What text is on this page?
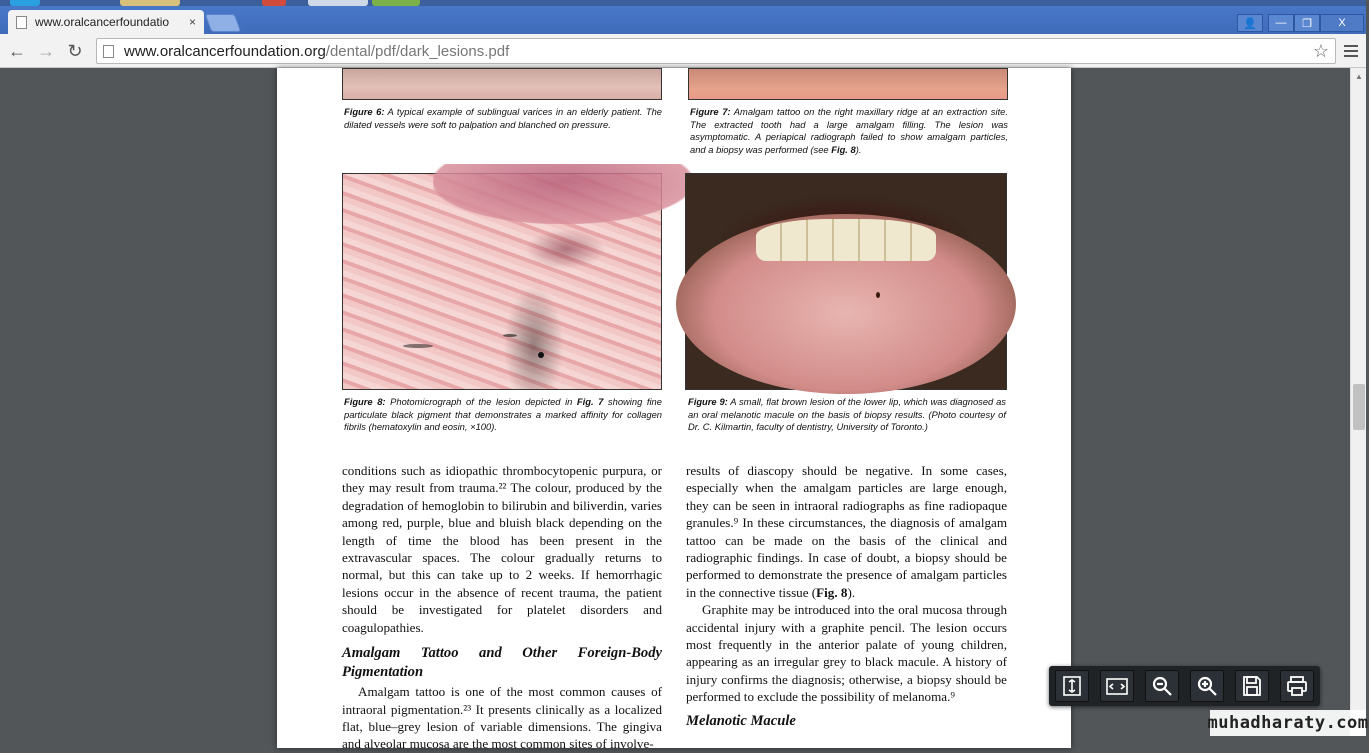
www.oralcancerfoundatio	×	👤	—	❐	X
← → ↻	www.oralcancerfoundation.org /dental/pdf/dark_lesions.pdf	☆
Figure 6: A typical example of sublingual varices in an elderly patient. The dilated vessels were soft to palpation and blanched on pressure.
Figure 7: Amalgam tattoo on the right maxillary ridge at an extraction site. The extracted tooth had a large amalgam filling. The lesion was asymptomatic. A periapical radiograph failed to show amalgam particles, and a biopsy was performed (see Fig. 8).
Figure 8: Photomicrograph of the lesion depicted in Fig. 7 showing fine particulate black pigment that demonstrates a marked affinity for collagen fibrils (hematoxylin and eosin, ×100).
Figure 9: A small, flat brown lesion of the lower lip, which was diagnosed as an oral melanotic macule on the basis of biopsy results. (Photo courtesy of Dr. C. Kilmartin, faculty of dentistry, University of Toronto.)

conditions such as idiopathic thrombocytopenic purpura, or they may result from trauma.²² The colour, produced by the degradation of hemoglobin to bilirubin and biliverdin, varies among red, purple, blue and bluish black depending on the length of time the blood has been present in the extravascular spaces. The colour gradually returns to normal, but this can take up to 2 weeks. If hemorrhagic lesions occur in the absence of recent trauma, the patient should be investigated for platelet disorders and coagulopathies.

Amalgam Tattoo and Other Foreign-Body Pigmentation

Amalgam tattoo is one of the most common causes of intraoral pigmentation.²³ It presents clinically as a localized flat, blue–grey lesion of variable dimensions. The gingiva and alveolar mucosa are the most common sites of involve-

results of diascopy should be negative. In some cases, especially when the amalgam particles are large enough, they can be seen in intraoral radiographs as fine radiopaque granules.⁹ In these circumstances, the diagnosis of amalgam tattoo can be made on the basis of the clinical and radiographic findings. In case of doubt, a biopsy should be performed to demonstrate the presence of amalgam particles in the connective tissue (Fig. 8).

Graphite may be introduced into the oral mucosa through accidental injury with a graphite pencil. The lesion occurs most frequently in the anterior palate of young children, appearing as an irregular grey to black macule. A history of injury confirms the diagnosis; otherwise, a biopsy should be performed to exclude the possibility of melanoma.⁹

Melanotic Macule
▲
muhadharaty.com
